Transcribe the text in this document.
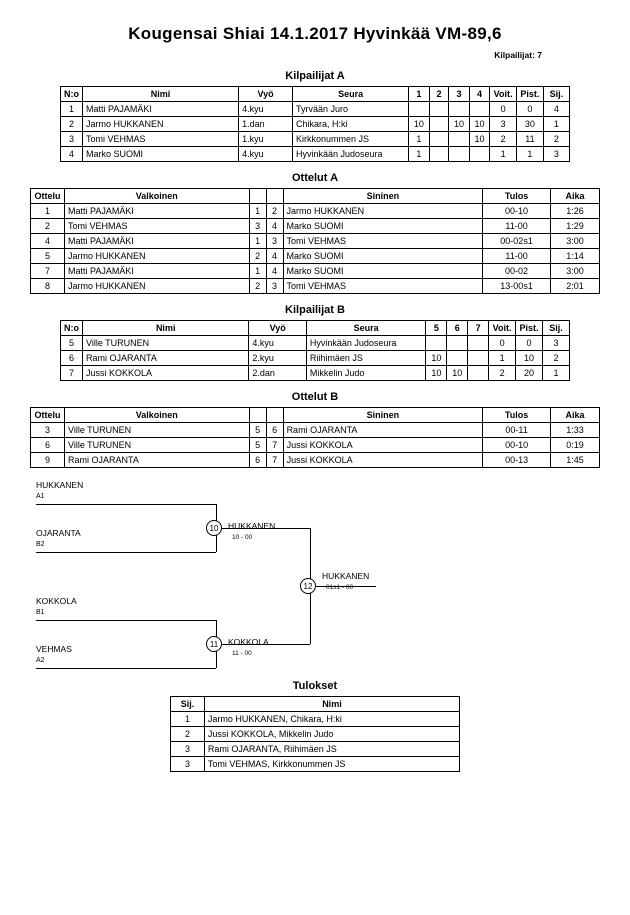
Kougensai Shiai 14.1.2017 Hyvinkää VM-89,6
Kilpailijat: 7
Kilpailijat A
N:o	Nimi	Vyö	Seura	1	2	3	4	Voit.	Pist.	Sij.
1	Matti PAJAMÄKI	4.kyu	Tyrvään Juro					0	0	4
2	Jarmo HUKKANEN	1.dan	Chikara, H:ki	10		10	10	3	30	1
3	Tomi VEHMAS	1.kyu	Kirkkonummen JS	1			10	2	11	2
4	Marko SUOMI	4.kyu	Hyvinkään Judoseura	1				1	1	3
Ottelut A
Ottelu	Valkoinen			Sininen	Tulos	Aika
1	Matti PAJAMÄKI	1	2	Jarmo HUKKANEN	00-10	1:26
2	Tomi VEHMAS	3	4	Marko SUOMI	11-00	1:29
4	Matti PAJAMÄKI	1	3	Tomi VEHMAS	00-02s1	3:00
5	Jarmo HUKKANEN	2	4	Marko SUOMI	11-00	1:14
7	Matti PAJAMÄKI	1	4	Marko SUOMI	00-02	3:00
8	Jarmo HUKKANEN	2	3	Tomi VEHMAS	13-00s1	2:01
Kilpailijat B
N:o	Nimi	Vyö	Seura	5	6	7	Voit.	Pist.	Sij.
5	Ville TURUNEN	4.kyu	Hyvinkään Judoseura				0	0	3
6	Rami OJARANTA	2.kyu	Riihimäen JS	10			1	10	2
7	Jussi KOKKOLA	2.dan	Mikkelin Judo	10	10		2	20	1
Ottelut B
Ottelu	Valkoinen			Sininen	Tulos	Aika
3	Ville TURUNEN	5	6	Rami OJARANTA	00-11	1:33
6	Ville TURUNEN	5	7	Jussi KOKKOLA	00-10	0:19
9	Rami OJARANTA	6	7	Jussi KOKKOLA	00-13	1:45
HUKKANEN
A1
OJARANTA
B2
10	HUKKANEN
10 - 00
KOKKOLA
B1
VEHMAS
A2
11	KOKKOLA
11 - 00
12
HUKKANEN
01s1 - 00
Tulokset
Sij.	Nimi
1	Jarmo HUKKANEN, Chikara, H:ki
2	Jussi KOKKOLA, Mikkelin Judo
3	Rami OJARANTA, Riihimäen JS
3	Tomi VEHMAS, Kirkkonummen JS
